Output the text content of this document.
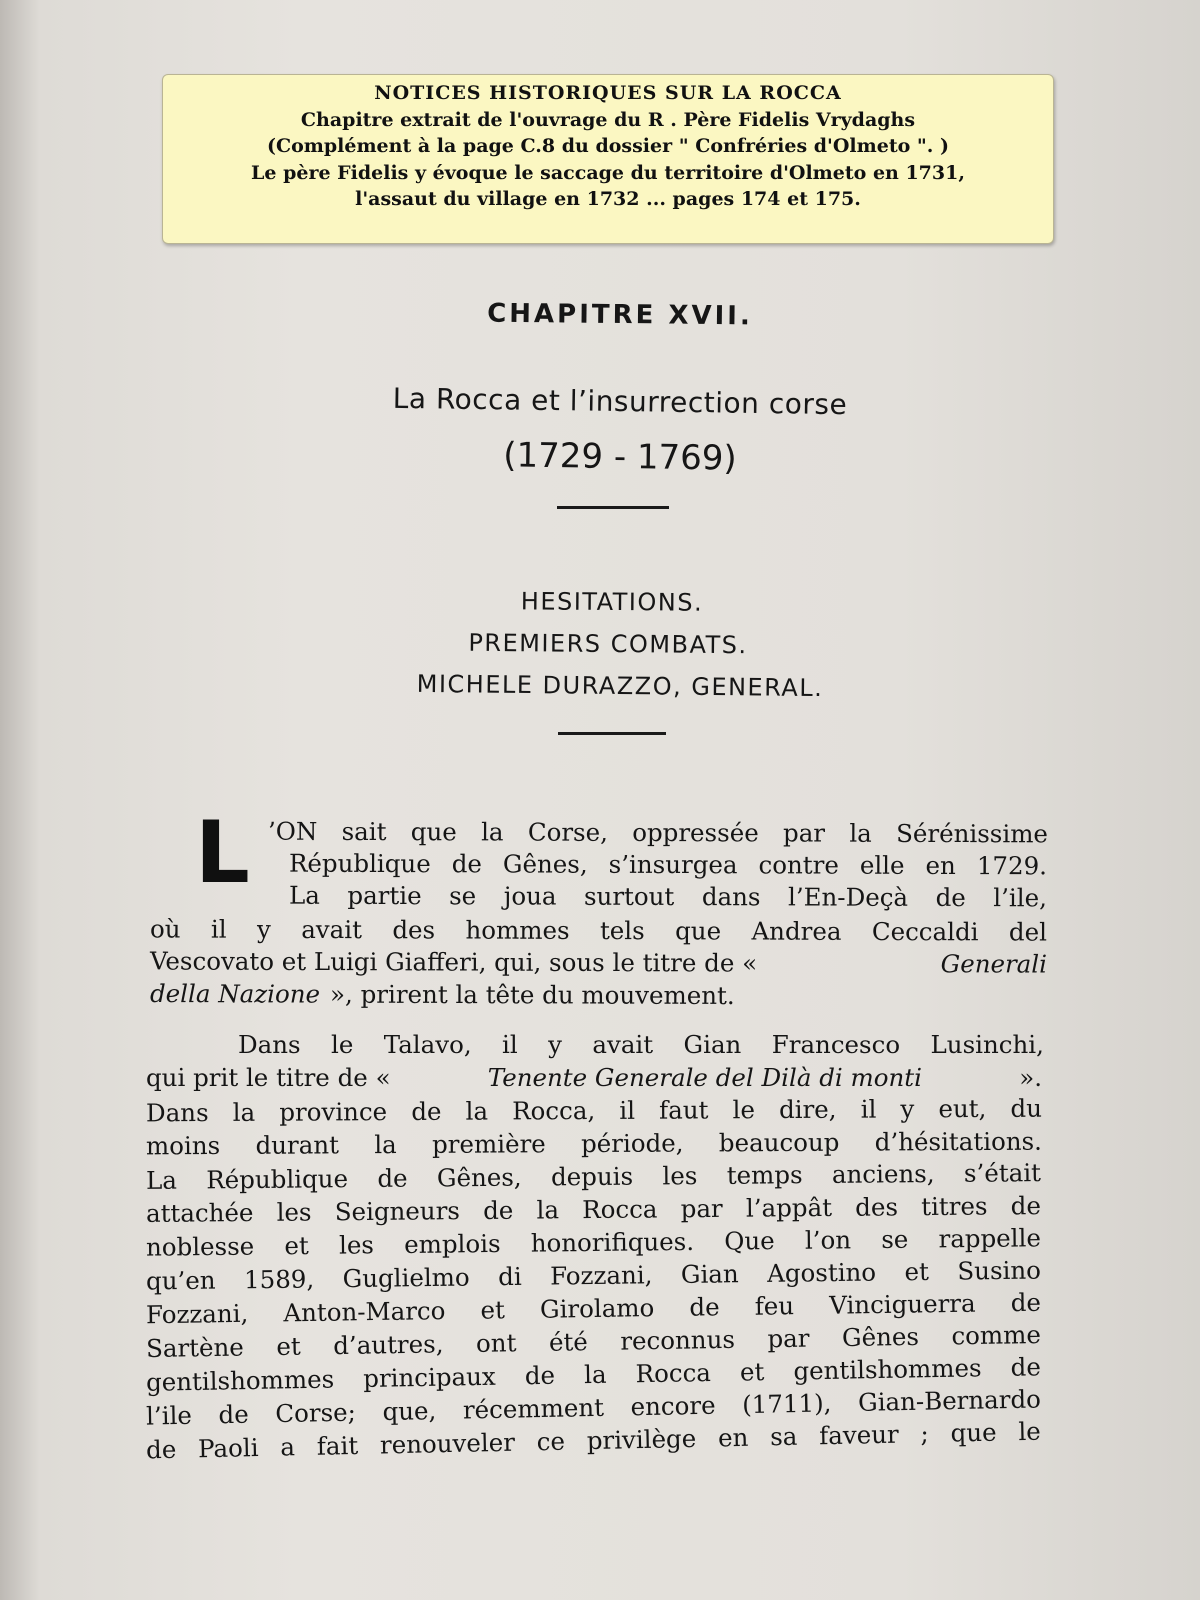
NOTICES HISTORIQUES SUR LA ROCCA
Chapitre extrait de l'ouvrage du R . Père Fidelis Vrydaghs
(Complément à la page C.8 du dossier " Confréries d'Olmeto ". )
Le père Fidelis y évoque le saccage du territoire d'Olmeto en 1731,
l'assaut du village en 1732 ... pages 174 et 175.
CHAPITRE XVII.
La Rocca et l’insurrection corse
(1729 - 1769)
HESITATIONS.
PREMIERS COMBATS.
MICHELE DURAZZO, GENERAL.
L ’ON sait que la Corse, oppressée par la Sérénissime
République de Gênes, s’insurgea contre elle en 1729.
La partie se joua surtout dans l’En-Deçà de l’ile,
où il y avait des hommes tels que Andrea Ceccaldi del
Vescovato et Luigi Giafferi, qui, sous le titre de «	Generali
della Nazione », prirent la tête du mouvement.
Dans le Talavo, il y avait Gian Francesco Lusinchi,
qui prit le titre de «	Tenente Generale del Dilà di monti	».
Dans la province de la Rocca, il faut le dire, il y eut, du
moins durant la première période, beaucoup d’hésitations.
La République de Gênes, depuis les temps anciens, s’était
attachée les Seigneurs de la Rocca par l’appât des titres de
noblesse et les emplois honorifiques. Que l’on se rappelle
qu’en 1589, Guglielmo di Fozzani, Gian Agostino et Susino
Fozzani, Anton-Marco et Girolamo de feu Vinciguerra de
Sartène et d’autres, ont été reconnus par Gênes comme
gentilshommes principaux de la Rocca et gentilshommes de
l’ile de Corse; que, récemment encore (1711), Gian-Bernardo
de Paoli a fait renouveler ce privilège en sa faveur ; que le
